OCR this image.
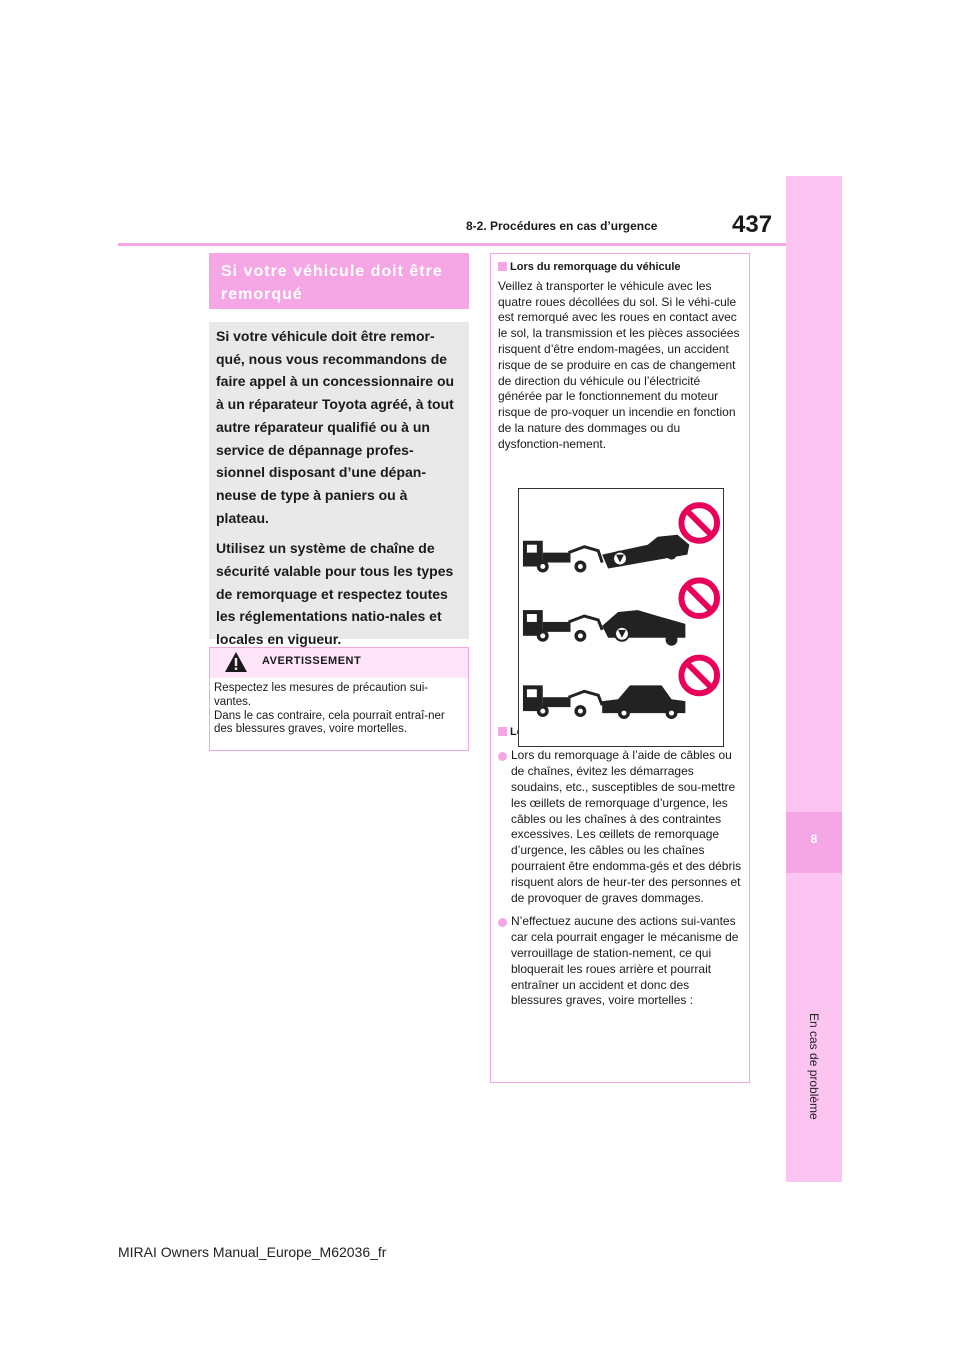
8-2. Procédures en cas d’urgence	437
8
En cas de problème
Si votre véhicule doit être remorqué

Si votre véhicule doit être remor-qué, nous vous recommandons de faire appel à un concessionnaire ou à un réparateur Toyota agréé, à tout autre réparateur qualifié ou à un service de dépannage profes-sionnel disposant d’une dépan-neuse de type à paniers ou à plateau.

Utilisez un système de chaîne de sécurité valable pour tous les types de remorquage et respectez toutes les réglementations natio-nales et locales en vigueur.

AVERTISSEMENT
Respectez les mesures de précaution sui-vantes.
Dans le cas contraire, cela pourrait entraî-ner des blessures graves, voire mortelles.
Lors du remorquage du véhicule
Veillez à transporter le véhicule avec les quatre roues décollées du sol. Si le véhi-cule est remorqué avec les roues en contact avec le sol, la transmission et les pièces associées risquent d’être endom-magées, un accident risque de se produire en cas de changement de direction du véhicule ou l’électricité générée par le fonctionnement du moteur risque de pro-voquer un incendie en fonction de la nature des dommages ou du dysfonction-nement.
Lors du remorquage
Lors du remorquage à l’aide de câbles ou de chaînes, évitez les démarrages soudains, etc., susceptibles de sou-mettre les œillets de remorquage d’urgence, les câbles ou les chaînes à des contraintes excessives. Les œillets de remorquage d’urgence, les câbles ou les chaînes pourraient être endomma-gés et des débris risquent alors de heur-ter des personnes et de provoquer de graves dommages.
N’effectuez aucune des actions sui-vantes car cela pourrait engager le mécanisme de verrouillage de station-nement, ce qui bloquerait les roues arrière et pourrait entraîner un accident et donc des blessures graves, voire mortelles :
MIRAI Owners Manual_Europe_M62036_fr
